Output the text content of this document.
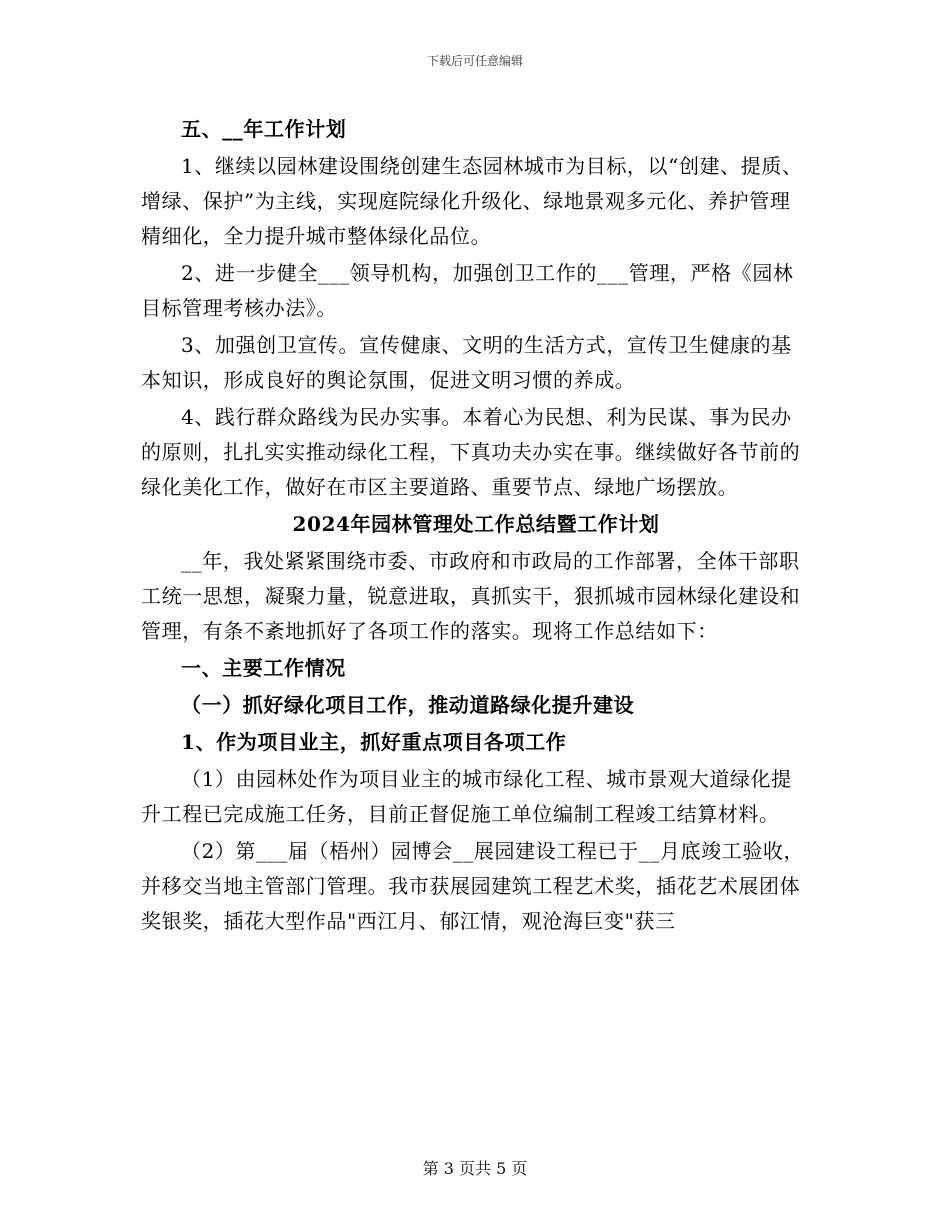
下载后可任意编辑

五、__年工作计划

1、继续以园林建设围绕创建生态园林城市为目标，以“创建、提质、增绿、保护”为主线，实现庭院绿化升级化、绿地景观多元化、养护管理精细化，全力提升城市整体绿化品位。

2、进一步健全___领导机构，加强创卫工作的___管理，严格《园林目标管理考核办法》。

3、加强创卫宣传。宣传健康、文明的生活方式，宣传卫生健康的基本知识，形成良好的舆论氛围，促进文明习惯的养成。

4、践行群众路线为民办实事。本着心为民想、利为民谋、事为民办的原则，扎扎实实推动绿化工程，下真功夫办实在事。继续做好各节前的绿化美化工作，做好在市区主要道路、重要节点、绿地广场摆放。

2024年园林管理处工作总结暨工作计划

__年，我处紧紧围绕市委、市政府和市政局的工作部署，全体干部职工统一思想，凝聚力量，锐意进取，真抓实干，狠抓城市园林绿化建设和管理，有条不紊地抓好了各项工作的落实。现将工作总结如下：

一、主要工作情况

（一）抓好绿化项目工作，推动道路绿化提升建设

1、作为项目业主，抓好重点项目各项工作

（1）由园林处作为项目业主的城市绿化工程、城市景观大道绿化提升工程已完成施工任务，目前正督促施工单位编制工程竣工结算材料。

（2）第___届（梧州）园博会__展园建设工程已于__月底竣工验收，并移交当地主管部门管理。我市获展园建筑工程艺术奖，插花艺术展团体奖银奖，插花大型作品"西江月、郁江情，观沧海巨变"获三

第 3 页共 5 页
